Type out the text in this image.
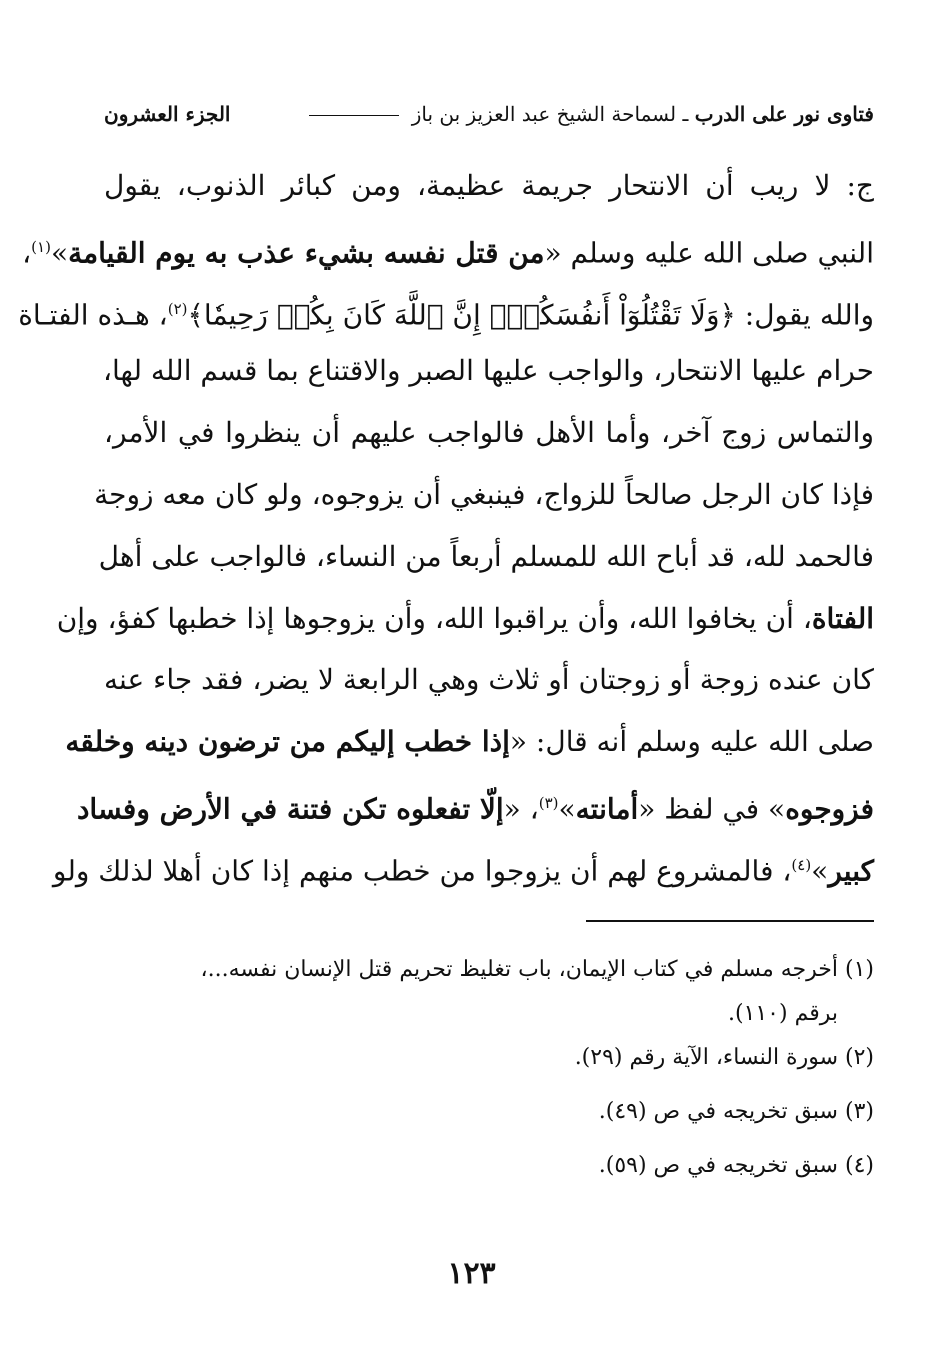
فتاوى نور على الدرب ـ لسماحة الشيخ عبد العزيز بن باز
الجزء العشرون
ج: لا ريب أن الانتحار جريمة عظيمة، ومن كبائر الذنوب، يقول
النبي صلى الله عليه وسلم «من قتل نفسه بشيء عذب به يوم القيامة»$^{(١)}$،
والله يقول: ﴿وَلَا تَقْتُلُوٓاْ أَنفُسَكُمۡۚ إِنَّ ٱللَّهَ كَانَ بِكُمۡ رَحِيمٗا﴾$^{(٢)}$، هـذه الفتـاة
حرام عليها الانتحار، والواجب عليها الصبر والاقتناع بما قسم الله لها،
والتماس زوج آخر، وأما الأهل فالواجب عليهم أن ينظروا في الأمر،
فإذا كان الرجل صالحاً للزواج، فينبغي أن يزوجوه، ولو كان معه زوجة
فالحمد لله، قد أباح الله للمسلم أربعاً من النساء، فالواجب على أهل
الفتاة، أن يخافوا الله، وأن يراقبوا الله، وأن يزوجوها إذا خطبها كفؤ، وإن
كان عنده زوجة أو زوجتان أو ثلاث وهي الرابعة لا يضر، فقد جاء عنه
صلى الله عليه وسلم أنه قال: «إذا خطب إليكم من ترضون دينه وخلقه
فزوجوه» في لفظ «أمانته»$^{(٣)}$، «إلّا تفعلوه تكن فتنة في الأرض وفساد
كبير»$^{(٤)}$، فالمشروع لهم أن يزوجوا من خطب منهم إذا كان أهلا لذلك ولو
(١) أخرجه مسلم في كتاب الإيمان، باب تغليظ تحريم قتل الإنسان نفسه...،
برقم (١١٠).
(٢) سورة النساء، الآية رقم (٢٩).
(٣) سبق تخريجه في ص (٤٩).
(٤) سبق تخريجه في ص (٥٩).
١٢٣
